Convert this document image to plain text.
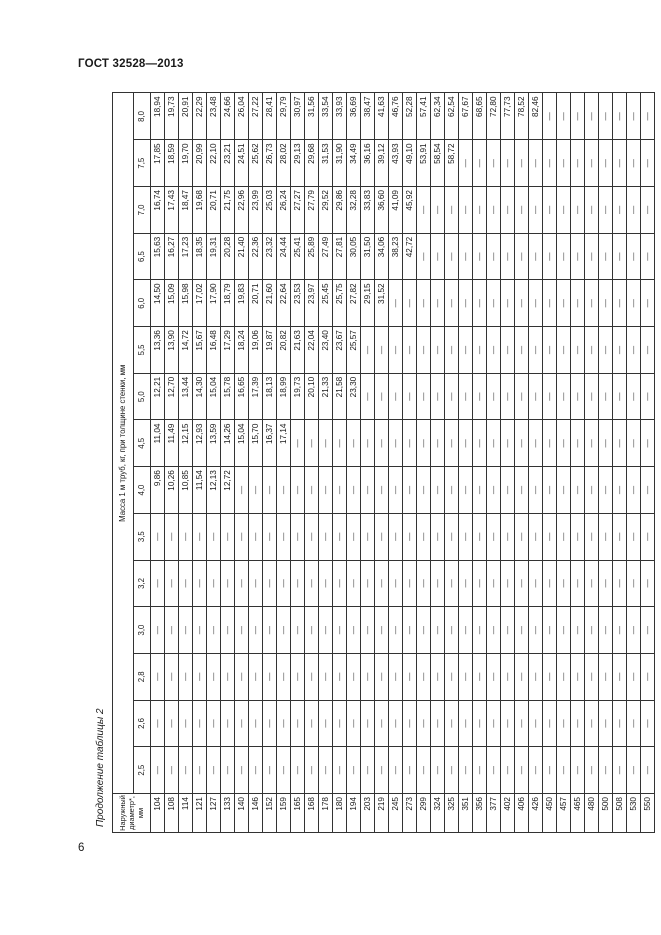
ГОСТ 32528—2013
Продолжение таблицы 2	Наружный диаметр*, мм	Масса 1 м труб, кг, при толщине стенки, мм														
	2,5	2,6	2,8	3,0	3,2	3,5	4,0	4,5	5,0	5,5	6,0	6,5	7,0	7,5	8,0
104	—	—	—	—	—	—	9,86	11,04	12,21	13,36	14,50	15,63	16,74	17,85	18,94
108	—	—	—	—	—	—	10,26	11,49	12,70	13,90	15,09	16,27	17,43	18,59	19,73
114	—	—	—	—	—	—	10,85	12,15	13,44	14,72	15,98	17,23	18,47	19,70	20,91
121	—	—	—	—	—	—	11,54	12,93	14,30	15,67	17,02	18,35	19,68	20,99	22,29
127	—	—	—	—	—	—	12,13	13,59	15,04	16,48	17,90	19,31	20,71	22,10	23,48
133	—	—	—	—	—	—	12,72	14,26	15,78	17,29	18,79	20,28	21,75	23,21	24,66
140	—	—	—	—	—	—	—	15,04	16,65	18,24	19,83	21,40	22,96	24,51	26,04
146	—	—	—	—	—	—	—	15,70	17,39	19,06	20,71	22,36	23,99	25,62	27,22
152	—	—	—	—	—	—	—	16,37	18,13	19,87	21,60	23,32	25,03	26,73	28,41
159	—	—	—	—	—	—	—	17,14	18,99	20,82	22,64	24,44	26,24	28,02	29,79
165	—	—	—	—	—	—	—	—	19,73	21,63	23,53	25,41	27,27	29,13	30,97
168	—	—	—	—	—	—	—	—	20,10	22,04	23,97	25,89	27,79	29,68	31,56
178	—	—	—	—	—	—	—	—	21,33	23,40	25,45	27,49	29,52	31,53	33,54
180	—	—	—	—	—	—	—	—	21,58	23,67	25,75	27,81	29,86	31,90	33,93
194	—	—	—	—	—	—	—	—	23,30	25,57	27,82	30,05	32,28	34,49	36,69
203	—	—	—	—	—	—	—	—	—	—	29,15	31,50	33,83	36,16	38,47
219	—	—	—	—	—	—	—	—	—	—	31,52	34,06	36,60	39,12	41,63
245	—	—	—	—	—	—	—	—	—	—	—	38,23	41,09	43,93	46,76
273	—	—	—	—	—	—	—	—	—	—	—	42,72	45,92	49,10	52,28
299	—	—	—	—	—	—	—	—	—	—	—	—	—	53,91	57,41
324	—	—	—	—	—	—	—	—	—	—	—	—	—	58,54	62,34
325	—	—	—	—	—	—	—	—	—	—	—	—	—	58,72	62,54
351	—	—	—	—	—	—	—	—	—	—	—	—	—	—	67,67
356	—	—	—	—	—	—	—	—	—	—	—	—	—	—	68,65
377	—	—	—	—	—	—	—	—	—	—	—	—	—	—	72,80
402	—	—	—	—	—	—	—	—	—	—	—	—	—	—	77,73
406	—	—	—	—	—	—	—	—	—	—	—	—	—	—	78,52
426	—	—	—	—	—	—	—	—	—	—	—	—	—	—	82,46
450	—	—	—	—	—	—	—	—	—	—	—	—	—	—	—
457	—	—	—	—	—	—	—	—	—	—	—	—	—	—	—
465	—	—	—	—	—	—	—	—	—	—	—	—	—	—	—
480	—	—	—	—	—	—	—	—	—	—	—	—	—	—	—
500	—	—	—	—	—	—	—	—	—	—	—	—	—	—	—
508	—	—	—	—	—	—	—	—	—	—	—	—	—	—	—
530	—	—	—	—	—	—	—	—	—	—	—	—	—	—	—
550	—	—	—	—	—	—	—	—	—	—	—	—	—	—	—
6
